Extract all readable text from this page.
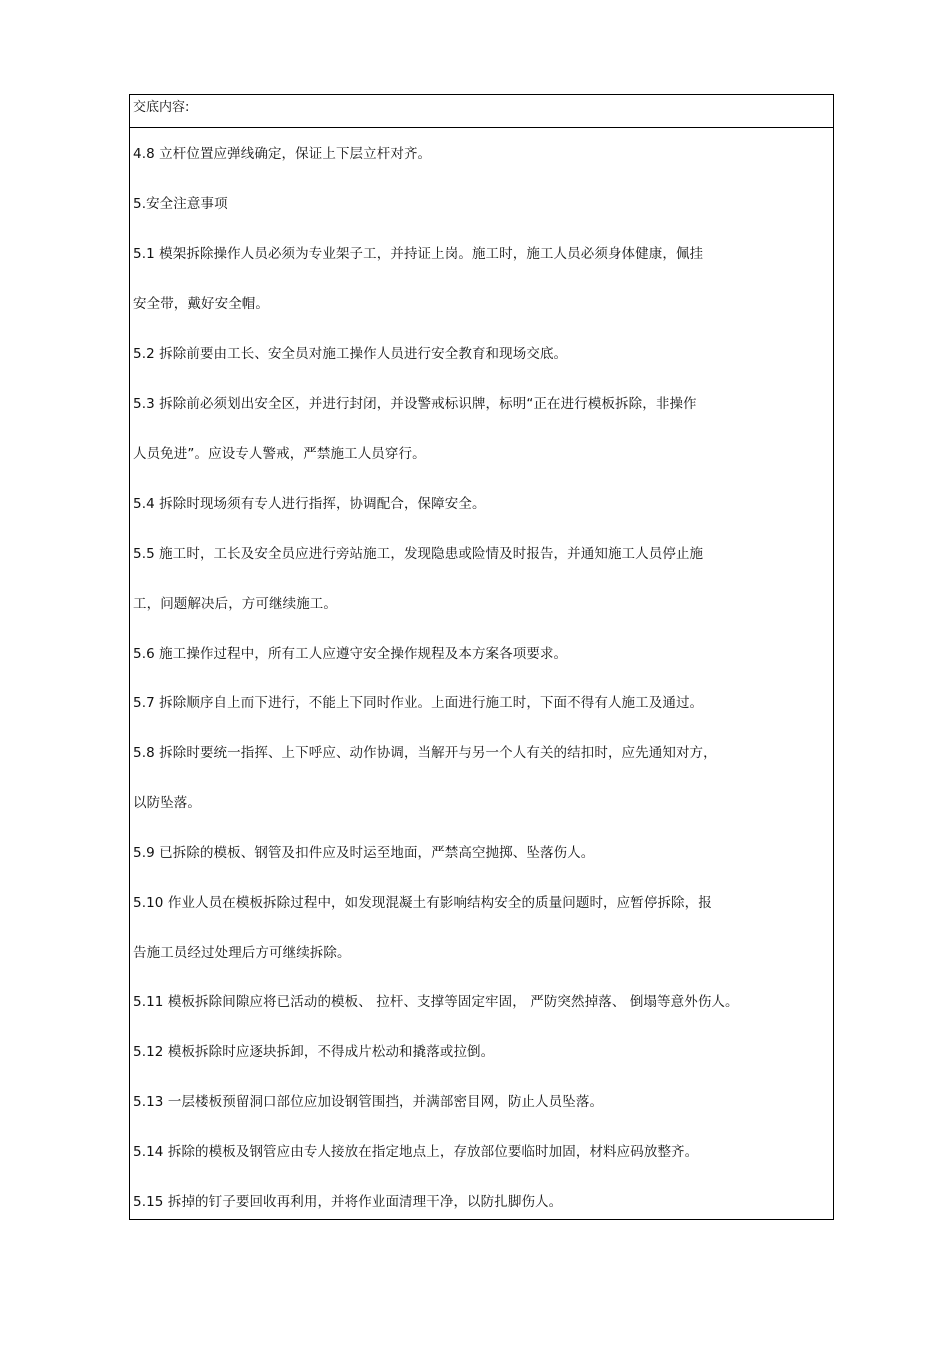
交底内容:
4.8 立杆位置应弹线确定，保证上下层立杆对齐。
5.安全注意事项
5.1 模架拆除操作人员必须为专业架子工，并持证上岗。施工时，施工人员必须身体健康，佩挂
安全带，戴好安全帽。
5.2 拆除前要由工长、安全员对施工操作人员进行安全教育和现场交底。
5.3 拆除前必须划出安全区，并进行封闭，并设警戒标识牌，标明“正在进行模板拆除，非操作
人员免进”。应设专人警戒，严禁施工人员穿行。
5.4 拆除时现场须有专人进行指挥，协调配合，保障安全。
5.5 施工时，工长及安全员应进行旁站施工，发现隐患或险情及时报告，并通知施工人员停止施
工，问题解决后，方可继续施工。
5.6 施工操作过程中，所有工人应遵守安全操作规程及本方案各项要求。
5.7 拆除顺序自上而下进行，不能上下同时作业。上面进行施工时，下面不得有人施工及通过。
5.8 拆除时要统一指挥、上下呼应、动作协调，当解开与另一个人有关的结扣时，应先通知对方，
以防坠落。
5.9 已拆除的模板、钢管及扣件应及时运至地面，严禁高空抛掷、坠落伤人。
5.10 作业人员在模板拆除过程中，如发现混凝土有影响结构安全的质量问题时，应暂停拆除，报
告施工员经过处理后方可继续拆除。
5.11 模板拆除间隙应将已活动的模板、 拉杆、支撑等固定牢固， 严防突然掉落、 倒塌等意外伤人。
5.12 模板拆除时应逐块拆卸，不得成片松动和撬落或拉倒。
5.13 一层楼板预留洞口部位应加设钢管围挡，并满部密目网，防止人员坠落。
5.14 拆除的模板及钢管应由专人接放在指定地点上，存放部位要临时加固，材料应码放整齐。
5.15 拆掉的钉子要回收再利用，并将作业面清理干净，以防扎脚伤人。
